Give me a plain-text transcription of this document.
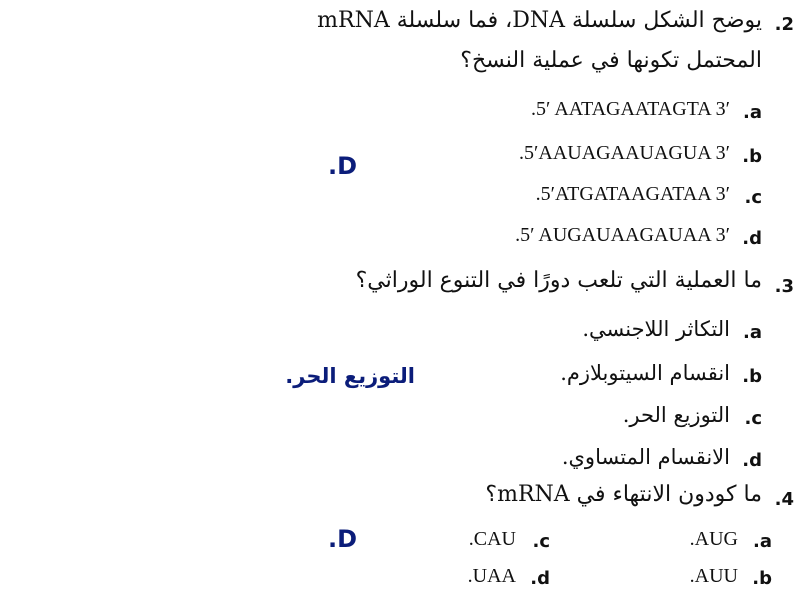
.2
يوضح الشكل سلسلة DNA، فما سلسلة mRNA
المحتمل تكونها في عملية النسخ؟
.a
.5′ AATAGAATAGTA 3′
.b
.5′AAUAGAAUAGUA 3′
.c
.5′ATGATAAGATAA 3′
.d
.5′ AUGAUAAGAUAA 3′
.D
.3
ما العملية التي تلعب دورًا في التنوع الوراثي؟
.a
التكاثر اللاجنسي.
.b
انقسام السيتوبلازم.
.c
التوزيع الحر.
.d
الانقسام المتساوي.
التوزيع الحر.
.4
ما كودون الانتهاء في mRNA؟
.a
.AUG
.b
.AUU
.c
.CAU
.d
.UAA
.D
